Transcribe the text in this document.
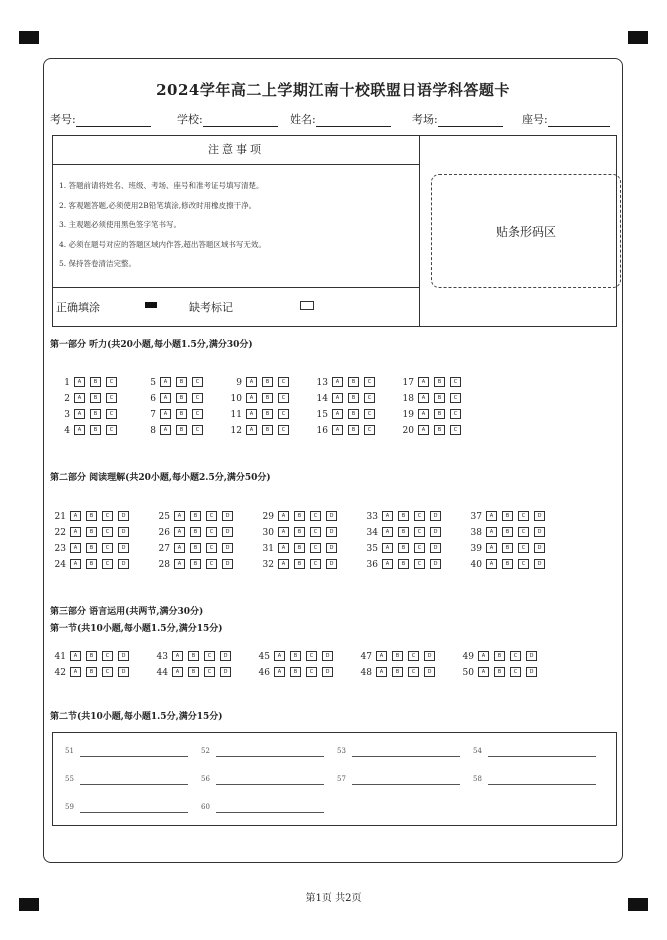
2024学年高二上学期江南十校联盟日语学科答题卡
考号:	学校:	姓名:	考场:	座号:
注意事项
1. 答题前请将姓名、班级、考场、座号和准考证号填写清楚。
2. 客观题答题,必须使用2B铅笔填涂,修改时用橡皮擦干净。
3. 主观题必须使用黑色签字笔书写。
4. 必须在题号对应的答题区域内作答,超出答题区域书写无效。
5. 保持答卷清洁完整。
正确填涂	缺考标记
贴条形码区
第一部分 听力(共20小题,每小题1.5分,满分30分)
1 A	B	C
2 A	B	C
3 A	B	C
4 A	B	C
5 A	B	C
6 A	B	C
7 A	B	C
8 A	B	C
9 A	B	C
10 A	B	C
11 A	B	C
12 A	B	C
13 A	B	C
14 A	B	C
15 A	B	C
16 A	B	C
17 A	B	C
18 A	B	C
19 A	B	C
20 A	B	C
第二部分 阅读理解(共20小题,每小题2.5分,满分50分)
21 A	B	C D
22 A	B	C D
23 A	B	C D
24 A	B	C D
25 A	B	C D
26 A	B	C D
27 A	B	C D
28 A	B	C D
29 A	B	C D
30 A	B	C D
31 A	B	C D
32 A	B	C D
33 A	B	C D
34 A	B	C D
35 A	B	C D
36 A	B	C D
37 A	B	C D
38 A	B	C D
39 A	B	C D
40 A	B	C D
第三部分 语言运用(共两节,满分30分)
第一节(共10小题,每小题1.5分,满分15分)
41 A	B	C D
42 A	B	C D
43 A	B	C D
44 A	B	C D
45 A	B	C D
46 A	B	C D
47 A	B	C D
48 A	B	C D
49 A	B	C D
50 A	B	C D
第二节(共10小题,每小题1.5分,满分15分)
51	52	53	54
55	56	57	58
59	60
第1页 共2页
